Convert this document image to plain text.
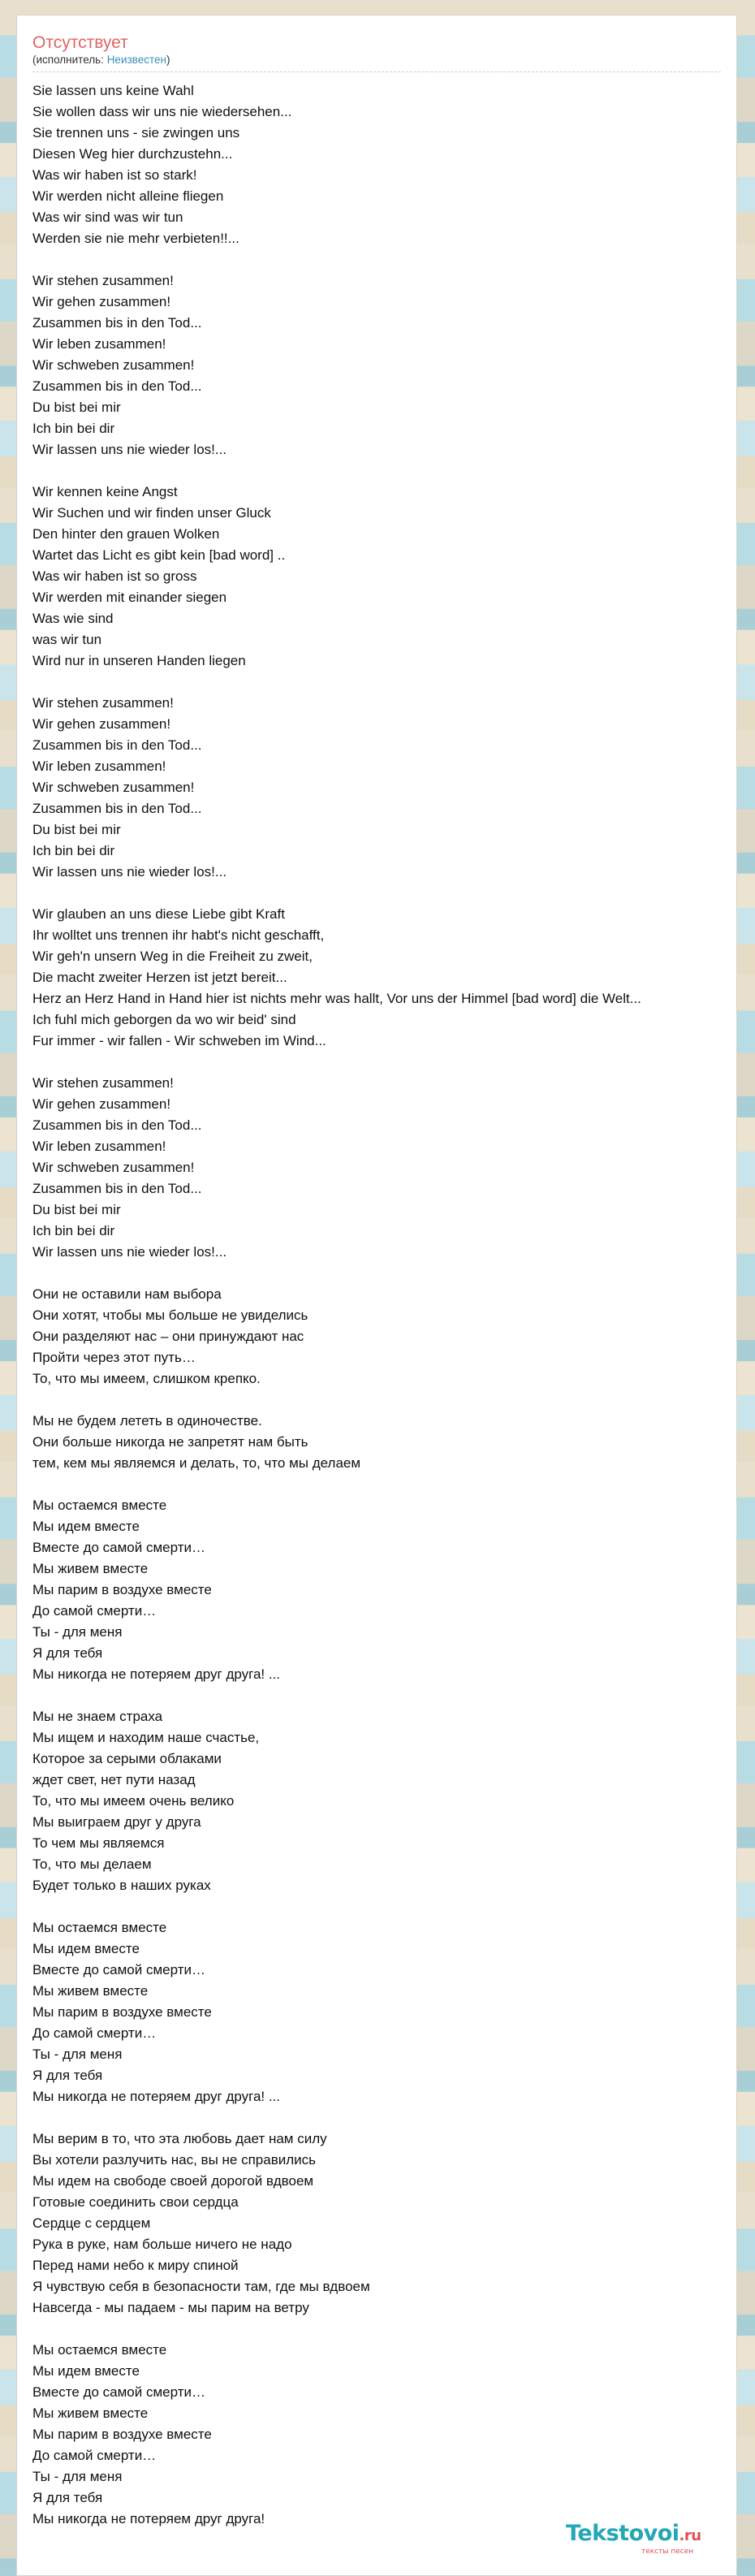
Отсутствует
(исполнитель: Неизвестен)
Sie lassen uns keine Wahl
Sie wollen dass wir uns nie wiedersehen...
Sie trennen uns - sie zwingen uns
Diesen Weg hier durchzustehn...
Was wir haben ist so stark!
Wir werden nicht alleine fliegen
Was wir sind was wir tun
Werden sie nie mehr verbieten!!...
Wir stehen zusammen!
Wir gehen zusammen!
Zusammen bis in den Tod...
Wir leben zusammen!
Wir schweben zusammen!
Zusammen bis in den Tod...
Du bist bei mir
Ich bin bei dir
Wir lassen uns nie wieder los!...
Wir kennen keine Angst
Wir Suchen und wir finden unser Gluck
Den hinter den grauen Wolken
Wartet das Licht es gibt kein [bad word] ..
Was wir haben ist so gross
Wir werden mit einander siegen
Was wie sind
was wir tun
Wird nur in unseren Handen liegen
Wir stehen zusammen!
Wir gehen zusammen!
Zusammen bis in den Tod...
Wir leben zusammen!
Wir schweben zusammen!
Zusammen bis in den Tod...
Du bist bei mir
Ich bin bei dir
Wir lassen uns nie wieder los!...
Wir glauben an uns diese Liebe gibt Kraft
Ihr wolltet uns trennen ihr habt's nicht geschafft,
Wir geh'n unsern Weg in die Freiheit zu zweit,
Die macht zweiter Herzen ist jetzt bereit...
Herz an Herz Hand in Hand hier ist nichts mehr was hallt, Vor uns der Himmel [bad word] die Welt...
Ich fuhl mich geborgen da wo wir beid' sind
Fur immer - wir fallen - Wir schweben im Wind...
Wir stehen zusammen!
Wir gehen zusammen!
Zusammen bis in den Tod...
Wir leben zusammen!
Wir schweben zusammen!
Zusammen bis in den Tod...
Du bist bei mir
Ich bin bei dir
Wir lassen uns nie wieder los!...
Они не оставили нам выбора
Они хотят, чтобы мы больше не увиделись
Они разделяют нас – они принуждают нас
Пройти через этот путь…
То, что мы имеем, слишком крепко.
Мы не будем лететь в одиночестве.
Они больше никогда не запретят нам быть
тем, кем мы являемся и делать, то, что мы делаем
Мы остаемся вместе
Мы идем вместе
Вместе до самой смерти…
Мы живем вместе
Мы парим в воздухе вместе
До самой смерти…
Ты - для меня
Я для тебя
Мы никогда не потеряем друг друга! ...
Мы не знаем страха
Мы ищем и находим наше счастье,
Которое за серыми облаками
ждет свет, нет пути назад
То, что мы имеем очень велико
Мы выиграем друг у друга
То чем мы являемся
То, что мы делаем
Будет только в наших руках
Мы остаемся вместе
Мы идем вместе
Вместе до самой смерти…
Мы живем вместе
Мы парим в воздухе вместе
До самой смерти…
Ты - для меня
Я для тебя
Мы никогда не потеряем друг друга! ...
Мы верим в то, что эта любовь дает нам силу
Вы хотели разлучить нас, вы не справились
Мы идем на свободе своей дорогой вдвоем
Готовые соединить свои сердца
Сердце с сердцем
Рука в руке, нам больше ничего не надо
Перед нами небо к миру спиной
Я чувствую себя в безопасности там, где мы вдвоем
Навсегда - мы падаем - мы парим на ветру
Мы остаемся вместе
Мы идем вместе
Вместе до самой смерти…
Мы живем вместе
Мы парим в воздухе вместе
До самой смерти…
Ты - для меня
Я для тебя
Мы никогда не потеряем друг друга!
Tekstovoi.ru
тексты песен
